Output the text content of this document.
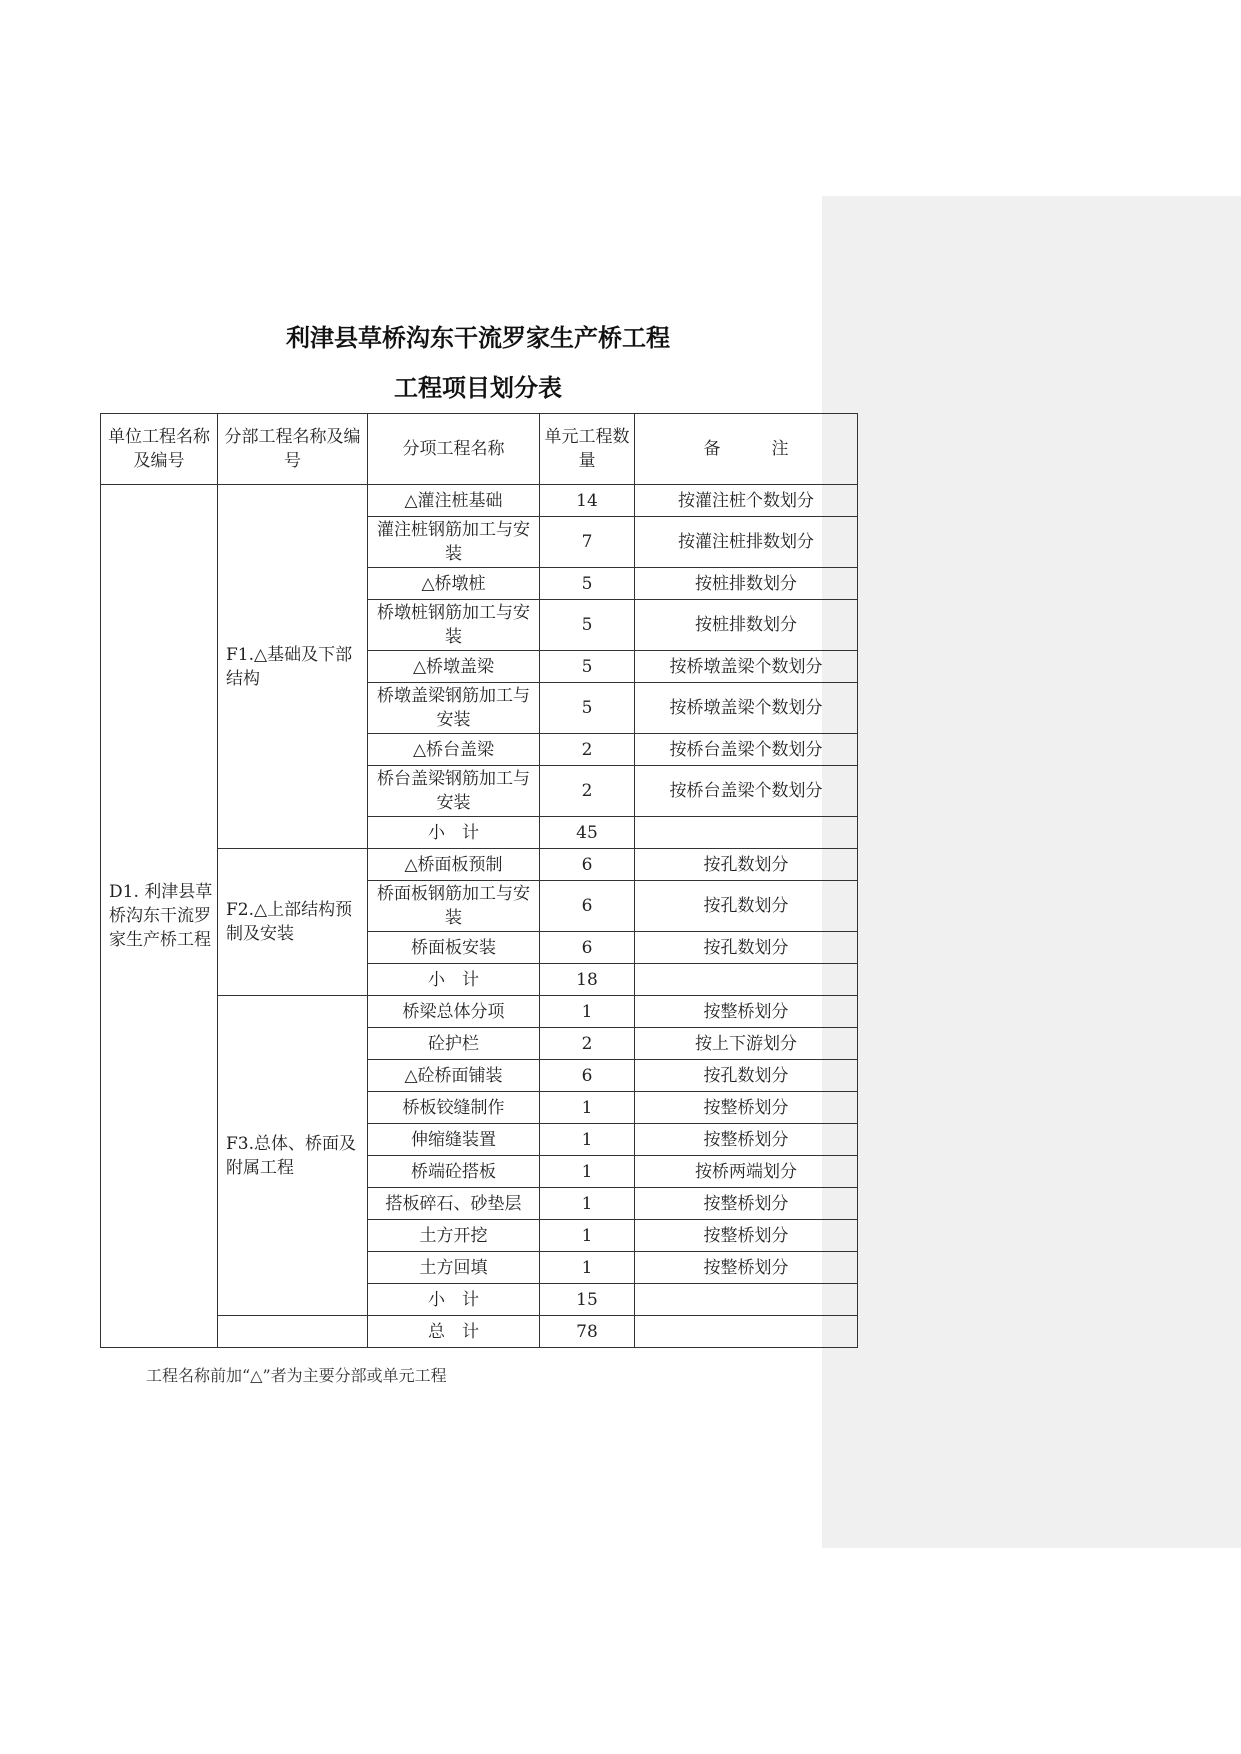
利津县草桥沟东干流罗家生产桥工程
工程项目划分表
单位工程名称及编号	分部工程名称及编号	分项工程名称	单元工程数　　量	备　　　注
D1. 利津县草桥沟东干流罗家生产桥工程	F1.△基础及下部结构	△灌注桩基础	14	按灌注桩个数划分
		灌注桩钢筋加工与安装	7	按灌注桩排数划分
		△桥墩桩	5	按桩排数划分
		桥墩桩钢筋加工与安装	5	按桩排数划分
		△桥墩盖梁	5	按桥墩盖梁个数划分
		桥墩盖梁钢筋加工与安装	5	按桥墩盖梁个数划分
		△桥台盖梁	2	按桥台盖梁个数划分
		桥台盖梁钢筋加工与安装	2	按桥台盖梁个数划分
		小　计	45	
	F2.△上部结构预制及安装	△桥面板预制	6	按孔数划分
		桥面板钢筋加工与安装	6	按孔数划分
		桥面板安装	6	按孔数划分
		小　计	18	
	F3.总体、桥面及附属工程	桥梁总体分项	1	按整桥划分
		砼护栏	2	按上下游划分
		△砼桥面铺装	6	按孔数划分
		桥板铰缝制作	1	按整桥划分
		伸缩缝装置	1	按整桥划分
		桥端砼搭板	1	按桥两端划分
		搭板碎石、砂垫层	1	按整桥划分
		土方开挖	1	按整桥划分
		土方回填	1	按整桥划分
		小　计	15	
		总　计	78	
工程名称前加“△”者为主要分部或单元工程
